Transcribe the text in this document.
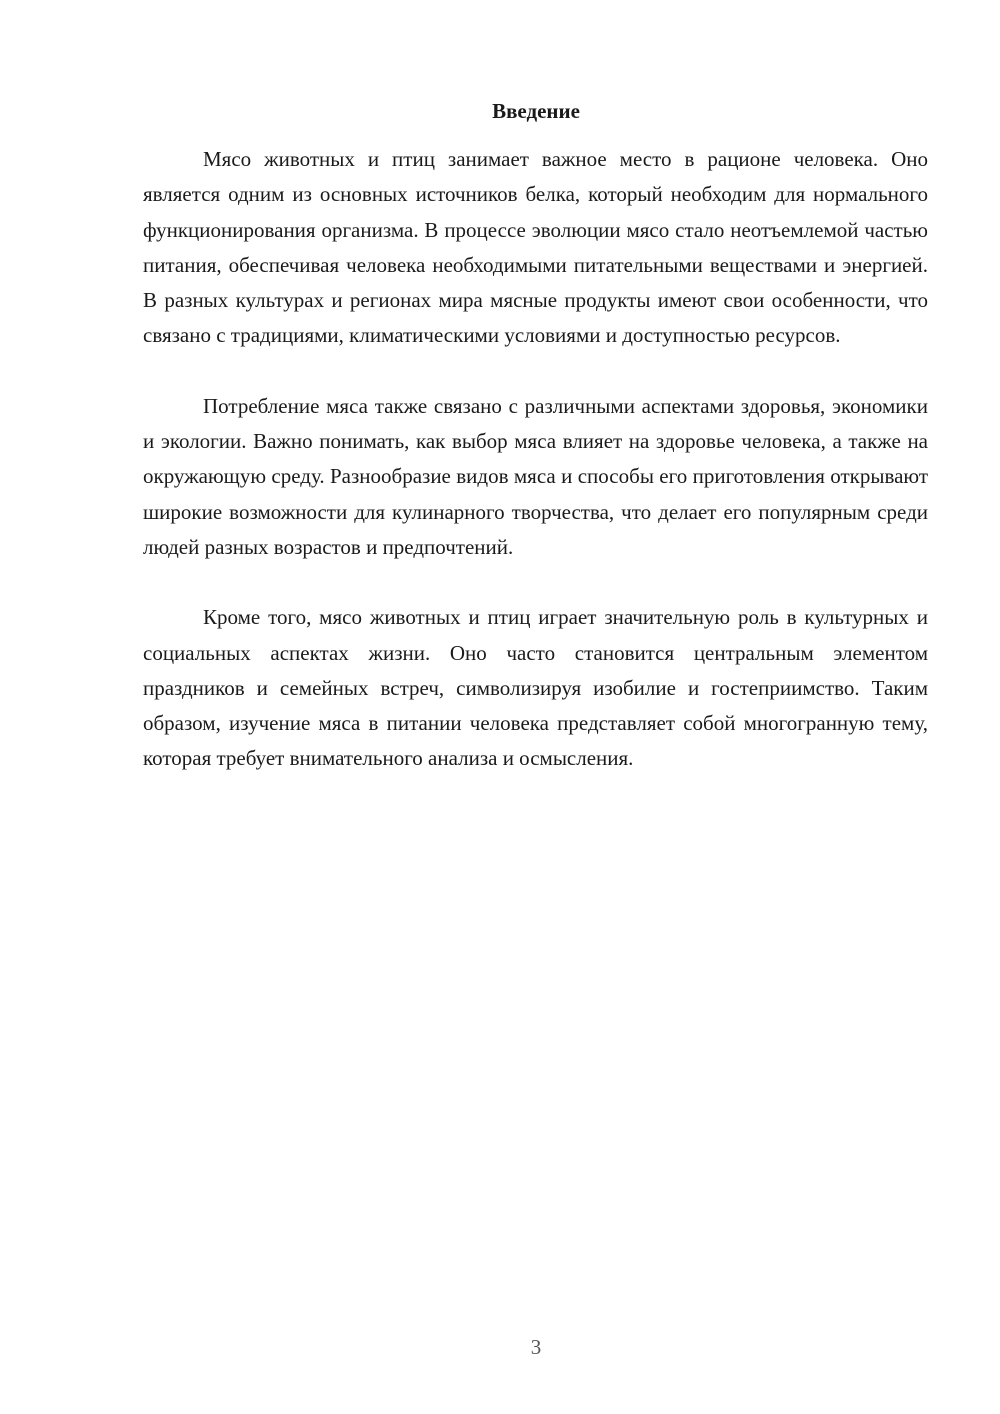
Введение

Мясо животных и птиц занимает важное место в рационе человека. Оно является одним из основных источников белка, который необходим для нормального функционирования организма. В процессе эволюции мясо стало неотъемлемой частью питания, обеспечивая человека необходимыми питательными веществами и энергией. В разных культурах и регионах мира мясные продукты имеют свои особенности, что связано с традициями, климатическими условиями и доступностью ресурсов.

Потребление мяса также связано с различными аспектами здоровья, экономики и экологии. Важно понимать, как выбор мяса влияет на здоровье человека, а также на окружающую среду. Разнообразие видов мяса и способы его приготовления открывают широкие возможности для кулинарного творчества, что делает его популярным среди людей разных возрастов и предпочтений.

Кроме того, мясо животных и птиц играет значительную роль в культурных и социальных аспектах жизни. Оно часто становится центральным элементом праздников и семейных встреч, символизируя изобилие и гостеприимство. Таким образом, изучение мяса в питании человека представляет собой многогранную тему, которая требует внимательного анализа и осмысления.

3
